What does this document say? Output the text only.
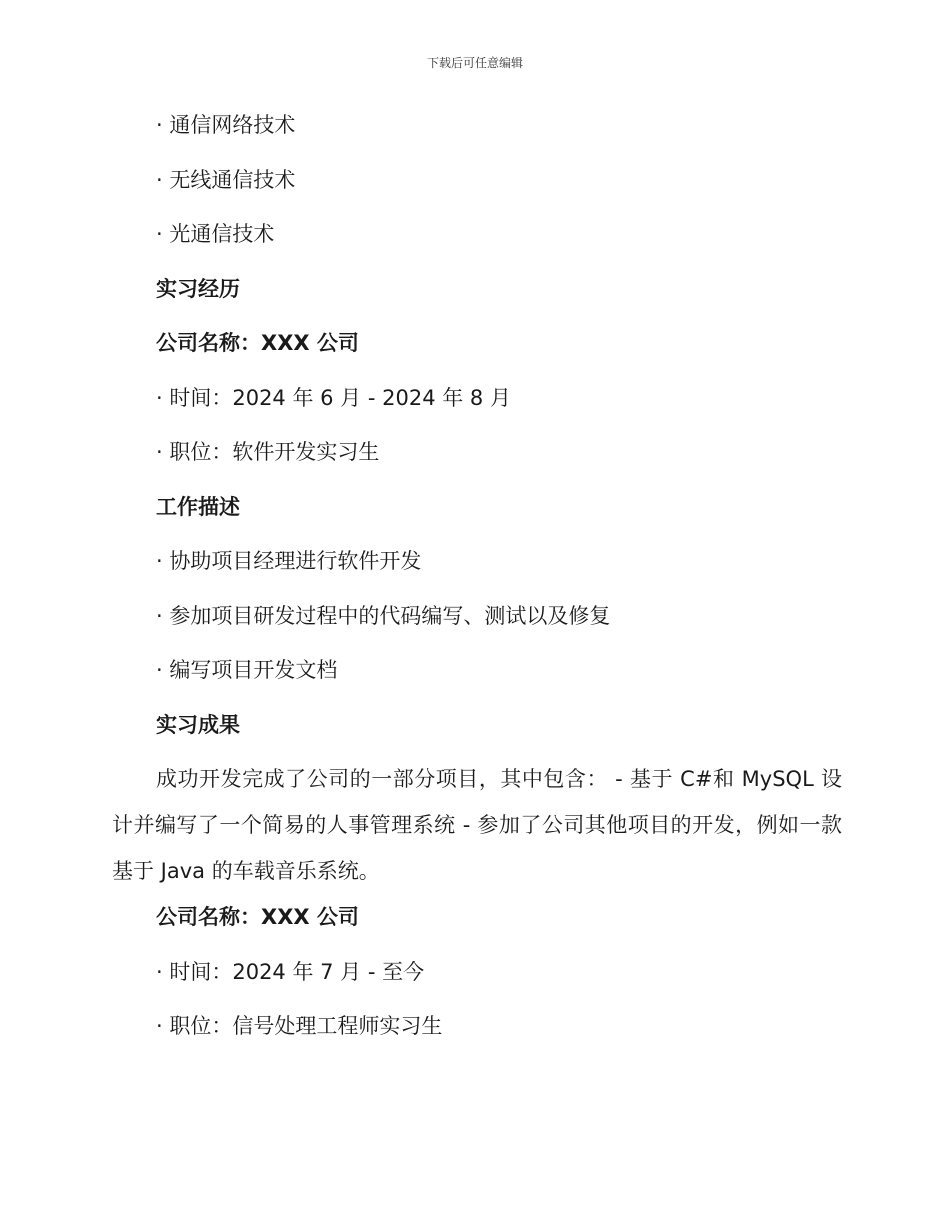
下载后可任意编辑
· 通信网络技术
· 无线通信技术
· 光通信技术
实习经历
公司名称：XXX 公司
· 时间：2024 年 6 月 - 2024 年 8 月
· 职位：软件开发实习生
工作描述
· 协助项目经理进行软件开发
· 参加项目研发过程中的代码编写、测试以及修复
· 编写项目开发文档
实习成果
成功开发完成了公司的一部分项目，其中包含： - 基于 C#和 MySQL 设计并编写了一个简易的人事管理系统 - 参加了公司其他项目的开发，例如一款基于 Java 的车载音乐系统。
公司名称：XXX 公司
· 时间：2024 年 7 月 - 至今
· 职位：信号处理工程师实习生
